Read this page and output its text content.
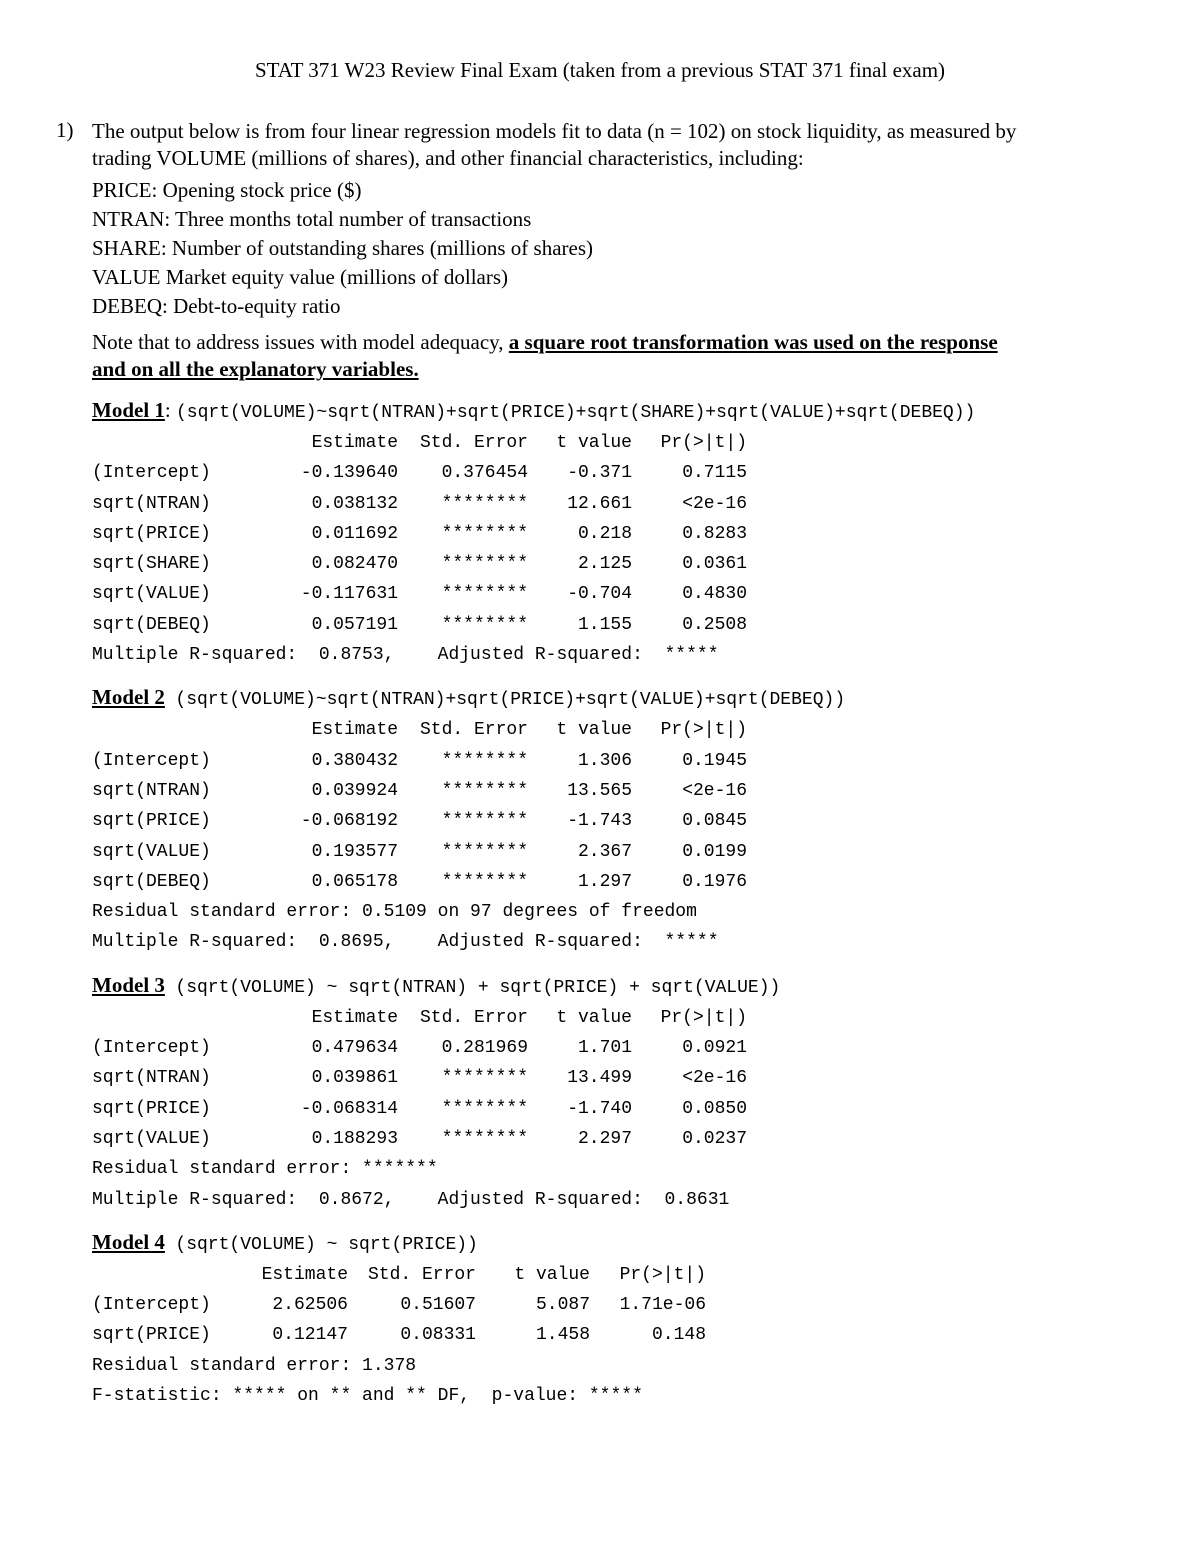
STAT 371 W23 Review Final Exam (taken from a previous STAT 371 final exam)
1) The output below is from four linear regression models fit to data (n = 102) on stock liquidity, as measured by
trading VOLUME (millions of shares), and other financial characteristics, including:
PRICE: Opening stock price ($)
NTRAN: Three months total number of transactions
SHARE: Number of outstanding shares (millions of shares)
VALUE Market equity value (millions of dollars)
DEBEQ: Debt-to-equity ratio
Note that to address issues with model adequacy, a square root transformation was used on the response
and on all the explanatory variables.
Model 1: (sqrt(VOLUME)~sqrt(NTRAN)+sqrt(PRICE)+sqrt(SHARE)+sqrt(VALUE)+sqrt(DEBEQ))
Estimate	Std. Error	t value	Pr(>|t|)
(Intercept)	-0.139640	0.376454	-0.371	0.7115
sqrt(NTRAN)	0.038132	********	12.661	<2e-16
sqrt(PRICE)	0.011692	********	0.218	0.8283
sqrt(SHARE)	0.082470	********	2.125	0.0361
sqrt(VALUE)	-0.117631	********	-0.704	0.4830
sqrt(DEBEQ)	0.057191	********	1.155	0.2508
Multiple R-squared:  0.8753,    Adjusted R-squared:  *****
Model 2 (sqrt(VOLUME)~sqrt(NTRAN)+sqrt(PRICE)+sqrt(VALUE)+sqrt(DEBEQ))
Estimate	Std. Error	t value	Pr(>|t|)
(Intercept)	0.380432	********	1.306	0.1945
sqrt(NTRAN)	0.039924	********	13.565	<2e-16
sqrt(PRICE)	-0.068192	********	-1.743	0.0845
sqrt(VALUE)	0.193577	********	2.367	0.0199
sqrt(DEBEQ)	0.065178	********	1.297	0.1976
Residual standard error: 0.5109 on 97 degrees of freedom
Multiple R-squared:  0.8695,    Adjusted R-squared:  *****
Model 3 (sqrt(VOLUME) ~ sqrt(NTRAN) + sqrt(PRICE) + sqrt(VALUE))
Estimate	Std. Error	t value	Pr(>|t|)
(Intercept)	0.479634	0.281969	1.701	0.0921
sqrt(NTRAN)	0.039861	********	13.499	<2e-16
sqrt(PRICE)	-0.068314	********	-1.740	0.0850
sqrt(VALUE)	0.188293	********	2.297	0.0237
Residual standard error: *******
Multiple R-squared:  0.8672,    Adjusted R-squared:  0.8631
Model 4 (sqrt(VOLUME) ~ sqrt(PRICE))
Estimate	Std. Error	t value	Pr(>|t|)
(Intercept)	2.62506	0.51607	5.087	1.71e-06
sqrt(PRICE)	0.12147	0.08331	1.458	0.148
Residual standard error: 1.378
F-statistic: ***** on ** and ** DF,  p-value: *****
